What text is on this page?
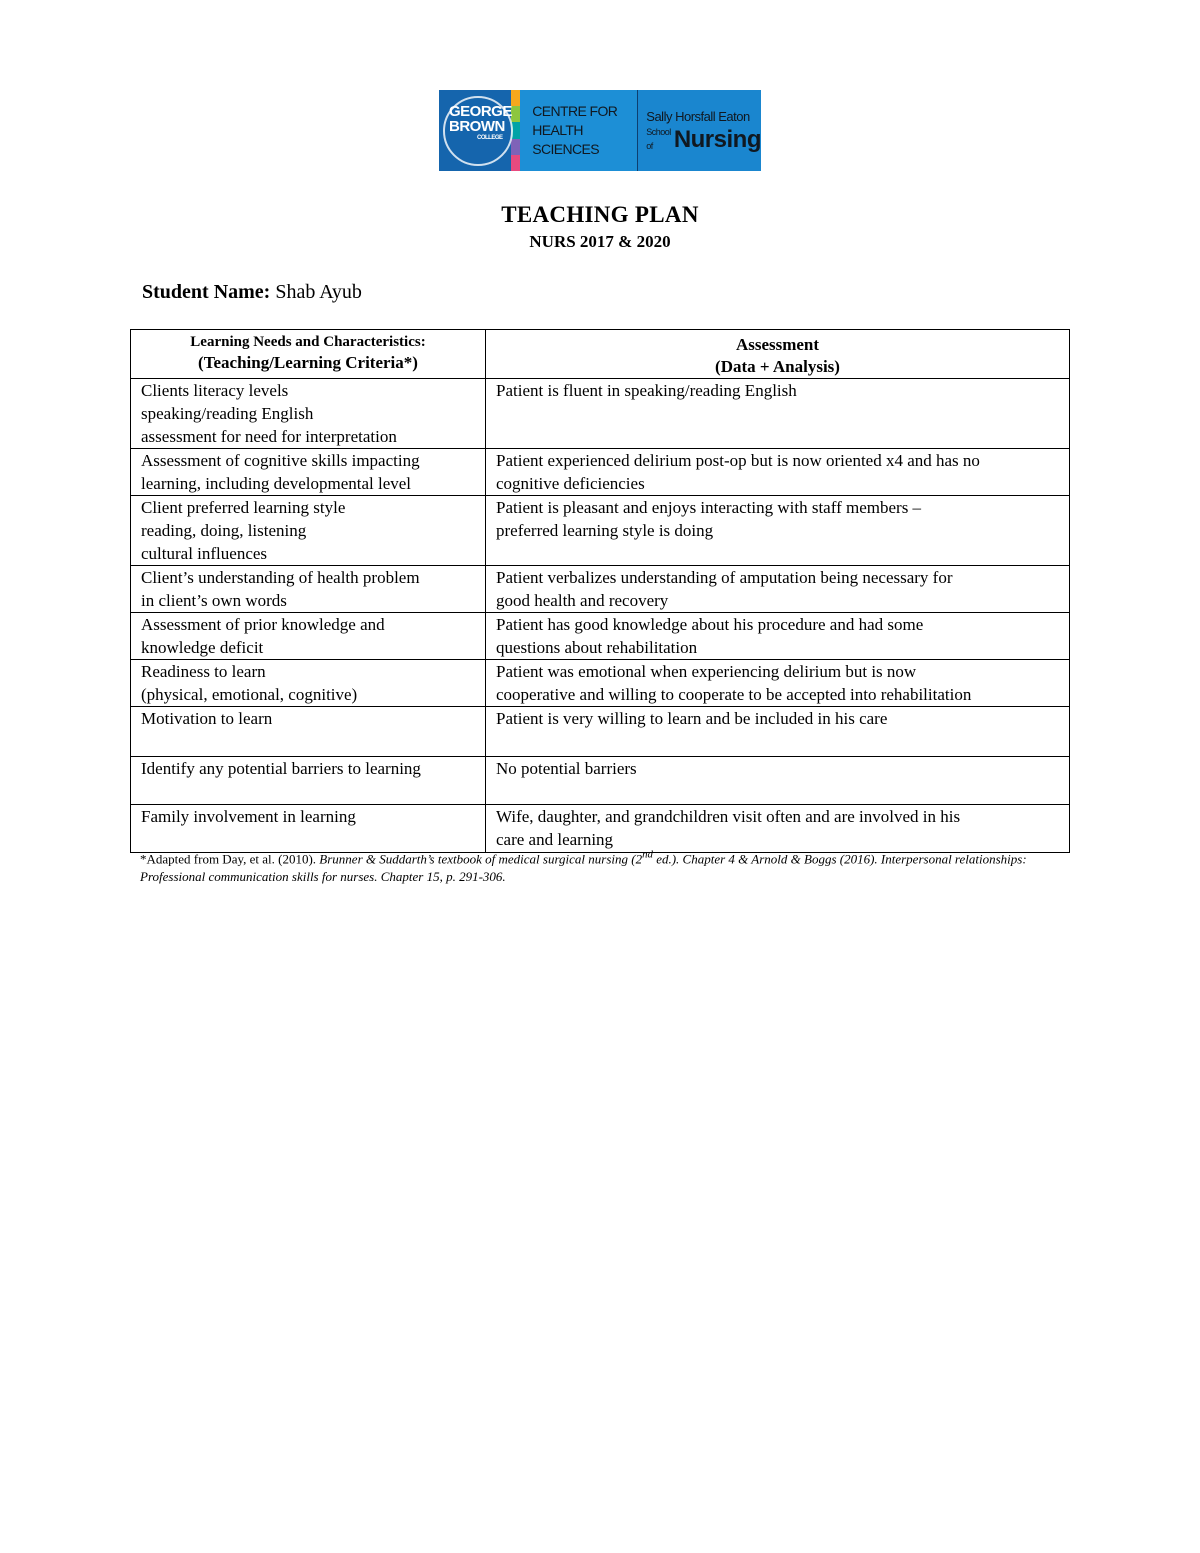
GEORGE
BROWN
COLLEGE
CENTRE FOR
HEALTH SCIENCES
Sally Horsfall Eaton
School of Nursing
TEACHING PLAN
NURS 2017 & 2020
Student Name: Shab Ayub
Learning Needs and Characteristics:
(Teaching/Learning Criteria*)	Assessment
(Data + Analysis)

Clients literacy levels
speaking/reading English
assessment for need for interpretation	Patient is fluent in speaking/reading English

Assessment of cognitive skills impacting
learning, including developmental level	Patient experienced delirium post-op but is now oriented x4 and has no
cognitive deficiencies

Client preferred learning style
reading, doing, listening
cultural influences	Patient is pleasant and enjoys interacting with staff members –
preferred learning style is doing

Client’s understanding of health problem
in client’s own words	Patient verbalizes understanding of amputation being necessary for
good health and recovery

Assessment of prior knowledge and
knowledge deficit	Patient has good knowledge about his procedure and had some
questions about rehabilitation

Readiness to learn
(physical, emotional, cognitive)	Patient was emotional when experiencing delirium but is now
cooperative and willing to cooperate to be accepted into rehabilitation

Motivation to learn	Patient is very willing to learn and be included in his care

Identify any potential barriers to learning	No potential barriers

Family involvement in learning	Wife, daughter, and grandchildren visit often and are involved in his
care and learning
*Adapted from Day, et al. (2010). Brunner & Suddarth’s textbook of medical surgical nursing (2nd ed.). Chapter 4 & Arnold & Boggs (2016). Interpersonal relationships: Professional communication skills for nurses. Chapter 15, p. 291-306.
